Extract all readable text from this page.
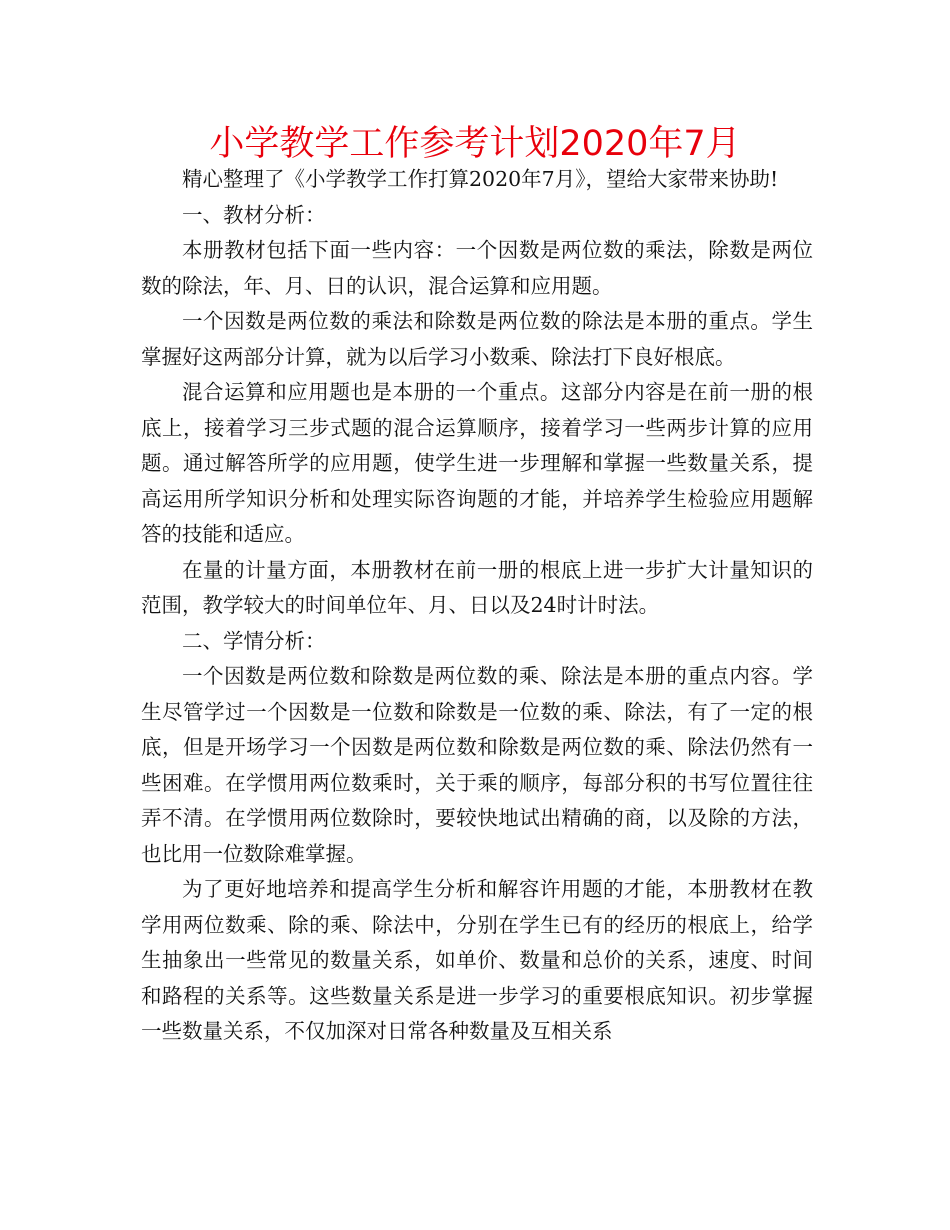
小学教学工作参考计划2020年7月

精心整理了《小学教学工作打算2020年7月》，望给大家带来协助!

一、教材分析：

本册教材包括下面一些内容：一个因数是两位数的乘法，除数是两位数的除法，年、月、日的认识，混合运算和应用题。

一个因数是两位数的乘法和除数是两位数的除法是本册的重点。学生掌握好这两部分计算，就为以后学习小数乘、除法打下良好根底。

混合运算和应用题也是本册的一个重点。这部分内容是在前一册的根底上，接着学习三步式题的混合运算顺序，接着学习一些两步计算的应用题。通过解答所学的应用题，使学生进一步理解和掌握一些数量关系，提高运用所学知识分析和处理实际咨询题的才能，并培养学生检验应用题解答的技能和适应。

在量的计量方面，本册教材在前一册的根底上进一步扩大计量知识的范围，教学较大的时间单位年、月、日以及24时计时法。

二、学情分析：

一个因数是两位数和除数是两位数的乘、除法是本册的重点内容。学生尽管学过一个因数是一位数和除数是一位数的乘、除法，有了一定的根底，但是开场学习一个因数是两位数和除数是两位数的乘、除法仍然有一些困难。在学惯用两位数乘时，关于乘的顺序，每部分积的书写位置往往弄不清。在学惯用两位数除时，要较快地试出精确的商，以及除的方法，也比用一位数除难掌握。

为了更好地培养和提高学生分析和解容许用题的才能，本册教材在教学用两位数乘、除的乘、除法中，分别在学生已有的经历的根底上，给学生抽象出一些常见的数量关系，如单价、数量和总价的关系，速度、时间和路程的关系等。这些数量关系是进一步学习的重要根底知识。初步掌握一些数量关系，不仅加深对日常各种数量及互相关系
